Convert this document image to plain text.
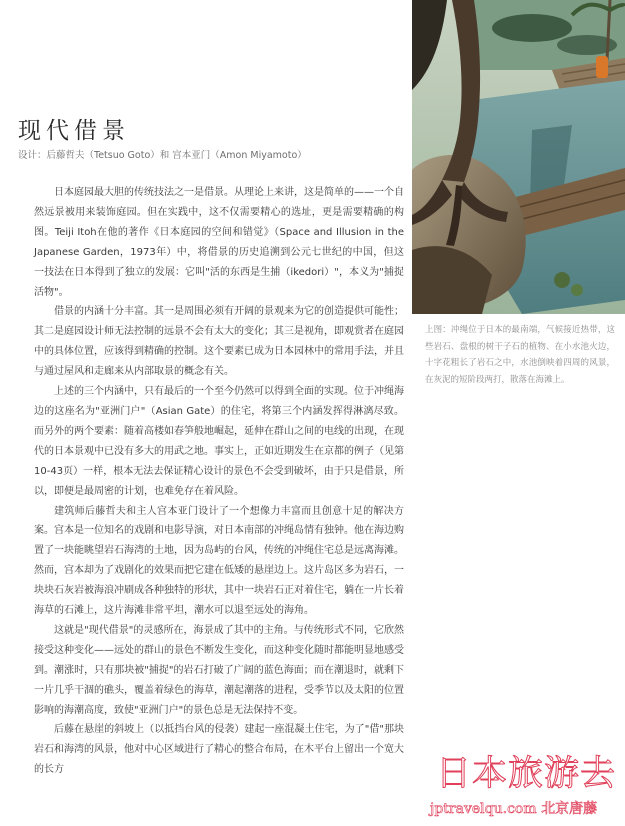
现代借景
设计：后藤哲夫（Tetsuo Goto）和 宫本亚门（Amon Miyamoto）

日本庭园最大胆的传统技法之一是借景。从理论上来讲，这是简单的——一个自然远景被用来装饰庭园。但在实践中，这不仅需要精心的选址，更是需要精确的构图。Teiji Itoh在他的著作《日本庭园的空间和错觉》（Space and Illusion in the Japanese Garden，1973年）中，将借景的历史追溯到公元七世纪的中国，但这一技法在日本得到了独立的发展：它叫"活的东西是生捕（ikedori）"，本义为"捕捉活物"。

借景的内涵十分丰富。其一是周围必须有开阔的景观来为它的创造提供可能性；其二是庭园设计师无法控制的远景不会有太大的变化；其三是视角，即观赏者在庭园中的具体位置，应该得到精确的控制。这个要素已成为日本园林中的常用手法，并且与通过屋风和走廊来从内部取景的概念有关。

上述的三个内涵中，只有最后的一个至今仍然可以得到全面的实现。位于冲绳海边的这座名为"亚洲门户"（Asian Gate）的住宅，将第三个内涵发挥得淋漓尽致。而另外的两个要素：随着高楼如春笋般地崛起，延伸在群山之间的电线的出现，在现代的日本景观中已没有多大的用武之地。事实上，正如近期发生在京都的例子（见第10-43页）一样，根本无法去保证精心设计的景色不会受到破坏，由于只是借景，所以，即便是最周密的计划，也难免存在着风险。

建筑师后藤哲夫和主人宫本亚门设计了一个想像力丰富而且创意十足的解决方案。宫本是一位知名的戏剧和电影导演，对日本南部的冲绳岛情有独钟。他在海边购置了一块能眺望岩石海湾的土地，因为岛屿的台风，传统的冲绳住宅总是远离海滩。然而，宫本却为了戏剧化的效果而把它建在低矮的悬崖边上。这片岛区多为岩石，一块块石灰岩被海浪冲刷成各种独特的形状，其中一块岩石正对着住宅，躺在一片长着海草的石滩上，这片海滩非常平坦，潮水可以退至远处的海角。

这就是"现代借景"的灵感所在，海景成了其中的主角。与传统形式不同，它欣然接受这种变化——远处的群山的景色不断发生变化，而这种变化随时都能明显地感受到。潮涨时，只有那块被"捕捉"的岩石打破了广阔的蓝色海面；而在潮退时，就剩下一片几乎干涸的礁头，覆盖着绿色的海草，潮起潮落的进程，受季节以及太阳的位置影响的海潮高度，致使"亚洲门户"的景色总是无法保持不变。

后藤在悬崖的斜坡上（以抵挡台风的侵袭）建起一座混凝土住宅，为了"借"那块岩石和海湾的风景，他对中心区域进行了精心的整合布局，在木平台上留出一个宽大的长方

上图：冲绳位于日本的最南端，气候接近热带，这些岩石、盘根的树干子石的植物、在小水池火边，十字花粗长了岩石之中，水池倒映着四周的风景，在灰泥的短阶段两打，散落在海滩上。

日本旅游去
jptravelqu.com 北京唐藤
